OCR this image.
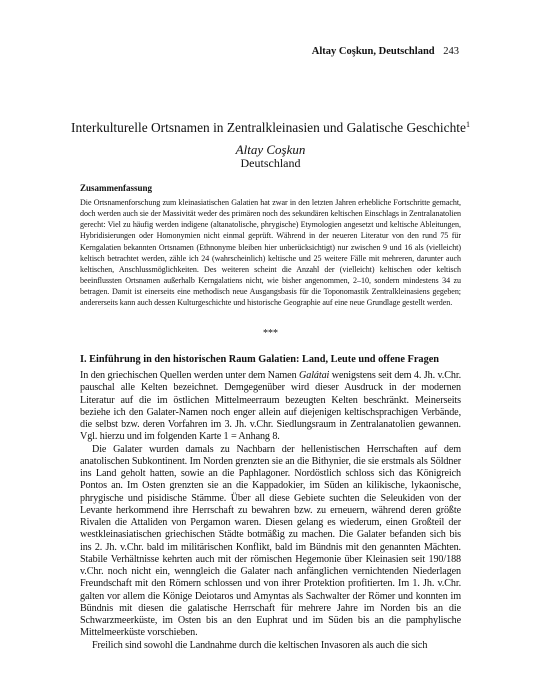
Altay Coşkun, Deutschland 243
Interkulturelle Ortsnamen in Zentralkleinasien und Galatische Geschichte$^1$
Altay Coşkun
Deutschland
Zusammenfassung
Die Ortsnamenforschung zum kleinasiatischen Galatien hat zwar in den letzten Jahren erhebliche Fortschritte gemacht, doch werden auch sie der Massivität weder des primären noch des sekundären keltischen Einschlags in Zentralanatolien gerecht: Viel zu häufig werden indigene (altanatolische, phrygische) Etymologien angesetzt und keltische Ableitungen, Hybridisierungen oder Homonymien nicht einmal geprüft. Während in der neueren Literatur von den rund 75 für Kerngalatien bekannten Ortsnamen (Ethnonyme bleiben hier unberücksichtigt) nur zwischen 9 und 16 als (vielleicht) keltisch betrachtet werden, zähle ich 24 (wahrscheinlich) keltische und 25 weitere Fälle mit mehreren, darunter auch keltischen, Anschlussmöglichkeiten. Des weiteren scheint die Anzahl der (vielleicht) keltischen oder keltisch beeinflussten Ortsnamen außerhalb Kerngalatiens nicht, wie bisher angenommen, 2–10, sondern mindestens 34 zu betragen. Damit ist einerseits eine methodisch neue Ausgangsbasis für die Toponomastik Zentralkleinasiens gegeben; andererseits kann auch dessen Kulturgeschichte und historische Geographie auf eine neue Grundlage gestellt werden.
***
I. Einführung in den historischen Raum Galatien: Land, Leute und offene Fragen

In den griechischen Quellen werden unter dem Namen Galátai wenigstens seit dem 4. Jh. v.Chr. pauschal alle Kelten bezeichnet. Demgegenüber wird dieser Ausdruck in der modernen Literatur auf die im östlichen Mittelmeerraum bezeugten Kelten beschränkt. Meinerseits beziehe ich den Galater-Namen noch enger allein auf diejenigen keltischsprachigen Verbände, die selbst bzw. deren Vorfahren im 3. Jh. v.Chr. Siedlungsraum in Zentralanatolien gewannen. Vgl. hierzu und im folgenden Karte 1 = Anhang 8.

Die Galater wurden damals zu Nachbarn der hellenistischen Herrschaften auf dem anatolischen Subkontinent. Im Norden grenzten sie an die Bithynier, die sie erstmals als Söldner ins Land geholt hatten, sowie an die Paphlagoner. Nordöstlich schloss sich das Königreich Pontos an. Im Osten grenzten sie an die Kappadokier, im Süden an kilikische, lykaonische, phrygische und pisidische Stämme. Über all diese Gebiete suchten die Seleukiden von der Levante herkommend ihre Herrschaft zu bewahren bzw. zu erneuern, während deren größte Rivalen die Attaliden von Pergamon waren. Diesen gelang es wiederum, einen Großteil der westkleinasiatischen griechischen Städte botmäßig zu machen. Die Galater befanden sich bis ins 2. Jh. v.Chr. bald im militärischen Konflikt, bald im Bündnis mit den genannten Mächten. Stabile Verhältnisse kehrten auch mit der römischen Hegemonie über Kleinasien seit 190/188 v.Chr. noch nicht ein, wenngleich die Galater nach anfänglichen vernichtenden Niederlagen Freundschaft mit den Römern schlossen und von ihrer Protektion profitierten. Im 1. Jh. v.Chr. galten vor allem die Könige Deiotaros und Amyntas als Sachwalter der Römer und konnten im Bündnis mit diesen die galatische Herrschaft für mehrere Jahre im Norden bis an die Schwarzmeerküste, im Osten bis an den Euphrat und im Süden bis an die pamphylische Mittelmeerküste vorschieben.

Freilich sind sowohl die Landnahme durch die keltischen Invasoren als auch die sich
